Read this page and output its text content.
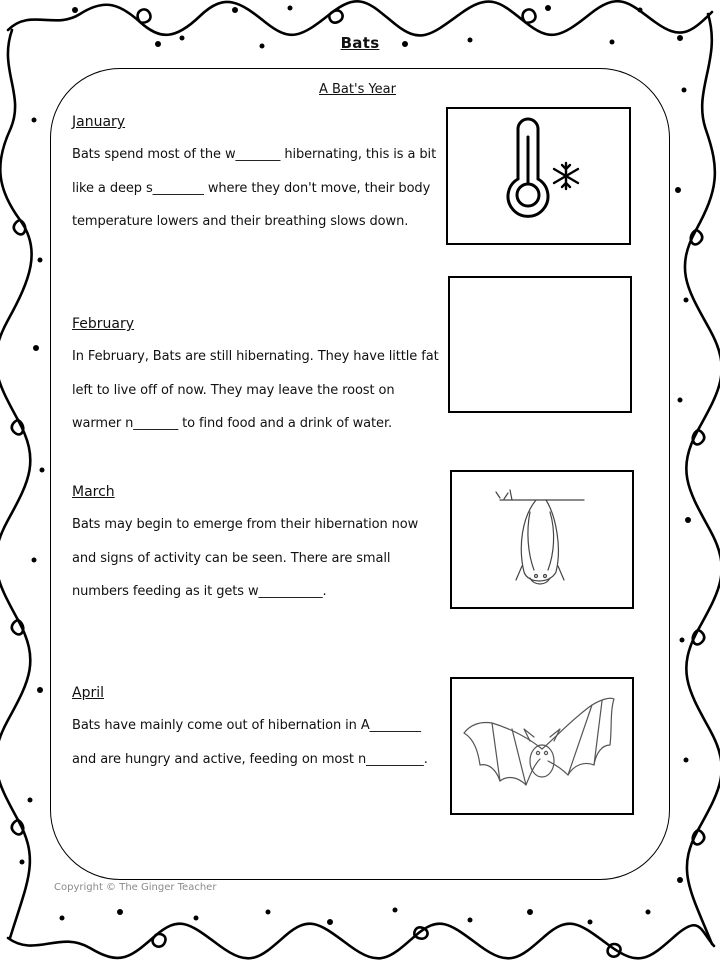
Bats
A Bat's Year
January
Bats spend most of the w_______ hibernating, this is a bit like a deep s________ where they don't move, their body temperature lowers and their breathing slows down.
February
In February, Bats are still hibernating. They have little fat left to live off of now. They may leave the roost on warmer n_______ to find food and a drink of water.
March
Bats may begin to emerge from their hibernation now and signs of activity can be seen. There are small numbers feeding as it gets w__________.
April
Bats have mainly come out of hibernation in A________ and are hungry and active, feeding on most n_________.
Copyright © The Ginger Teacher
